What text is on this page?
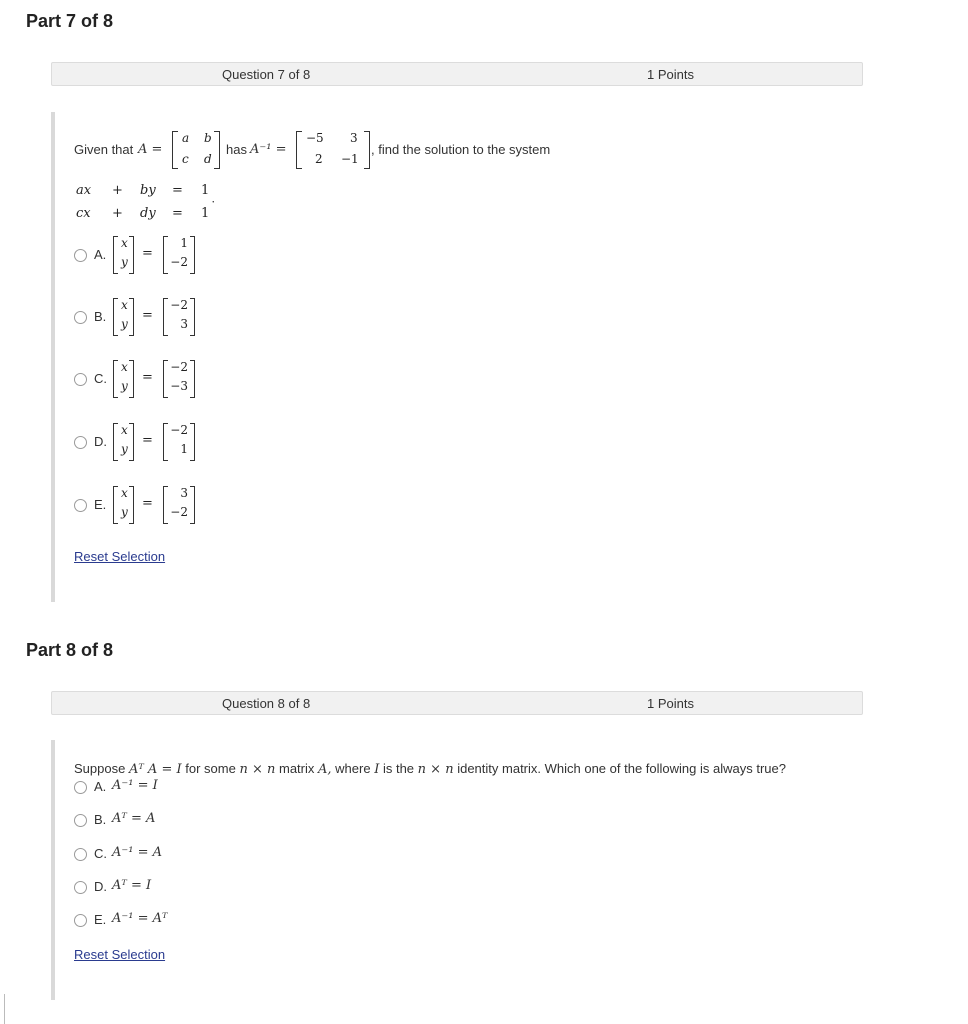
Part 7 of 8
Question 7 of 8	1 Points
Given that A =
a b
c d
has A⁻¹ =
−5 3
2 −1
, find the solution to the system
ax + by = 1
cx + dy = 1 ˙
A.
x
y
=
1
−2
B.
x
y
=
−2
3
C.
x
y
=
−2
−3
D.
x
y
=
−2
1
E.
x
y
=
3
−2
Reset Selection
Part 8 of 8
Question 8 of 8	1 Points
Suppose Aᵀ A = I for some n × n matrix A, where I is the n × n identity matrix. Which one of the following is always true?
A. A⁻¹ = I
B. Aᵀ = A
C. A⁻¹ = A
D. Aᵀ = I
E. A⁻¹ = Aᵀ
Reset Selection
